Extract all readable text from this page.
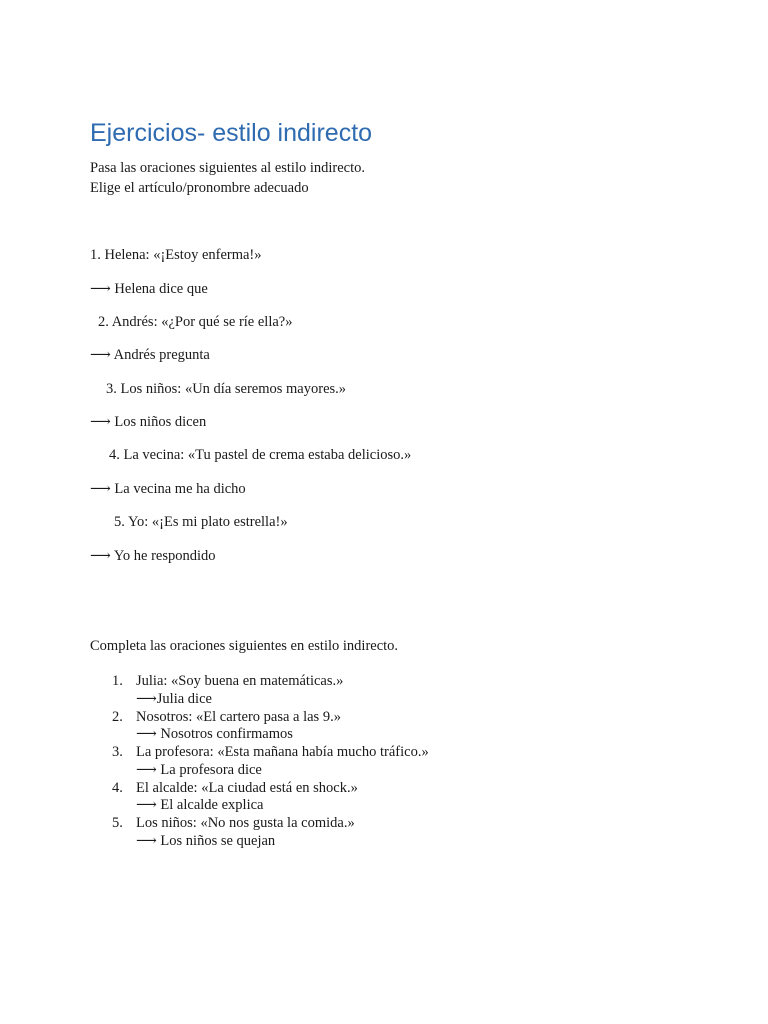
Ejercicios- estilo indirecto
Pasa las oraciones siguientes al estilo indirecto.
Elige el artículo/pronombre adecuado
1. Helena: «¡Estoy enferma!»
⟶ Helena dice que
2. Andrés: «¿Por qué se ríe ella?»
⟶ Andrés pregunta
3. Los niños: «Un día seremos mayores.»
⟶ Los niños dicen
4. La vecina: «Tu pastel de crema estaba delicioso.»
⟶ La vecina me ha dicho
5. Yo: «¡Es mi plato estrella!»
⟶ Yo he respondido
Completa las oraciones siguientes en estilo indirecto.
1. Julia: «Soy buena en matemáticas.»
⟶Julia dice
2. Nosotros: «El cartero pasa a las 9.»
⟶ Nosotros confirmamos
3. La profesora: «Esta mañana había mucho tráfico.»
⟶ La profesora dice
4. El alcalde: «La ciudad está en shock.»
⟶ El alcalde explica
5. Los niños: «No nos gusta la comida.»
⟶ Los niños se quejan
